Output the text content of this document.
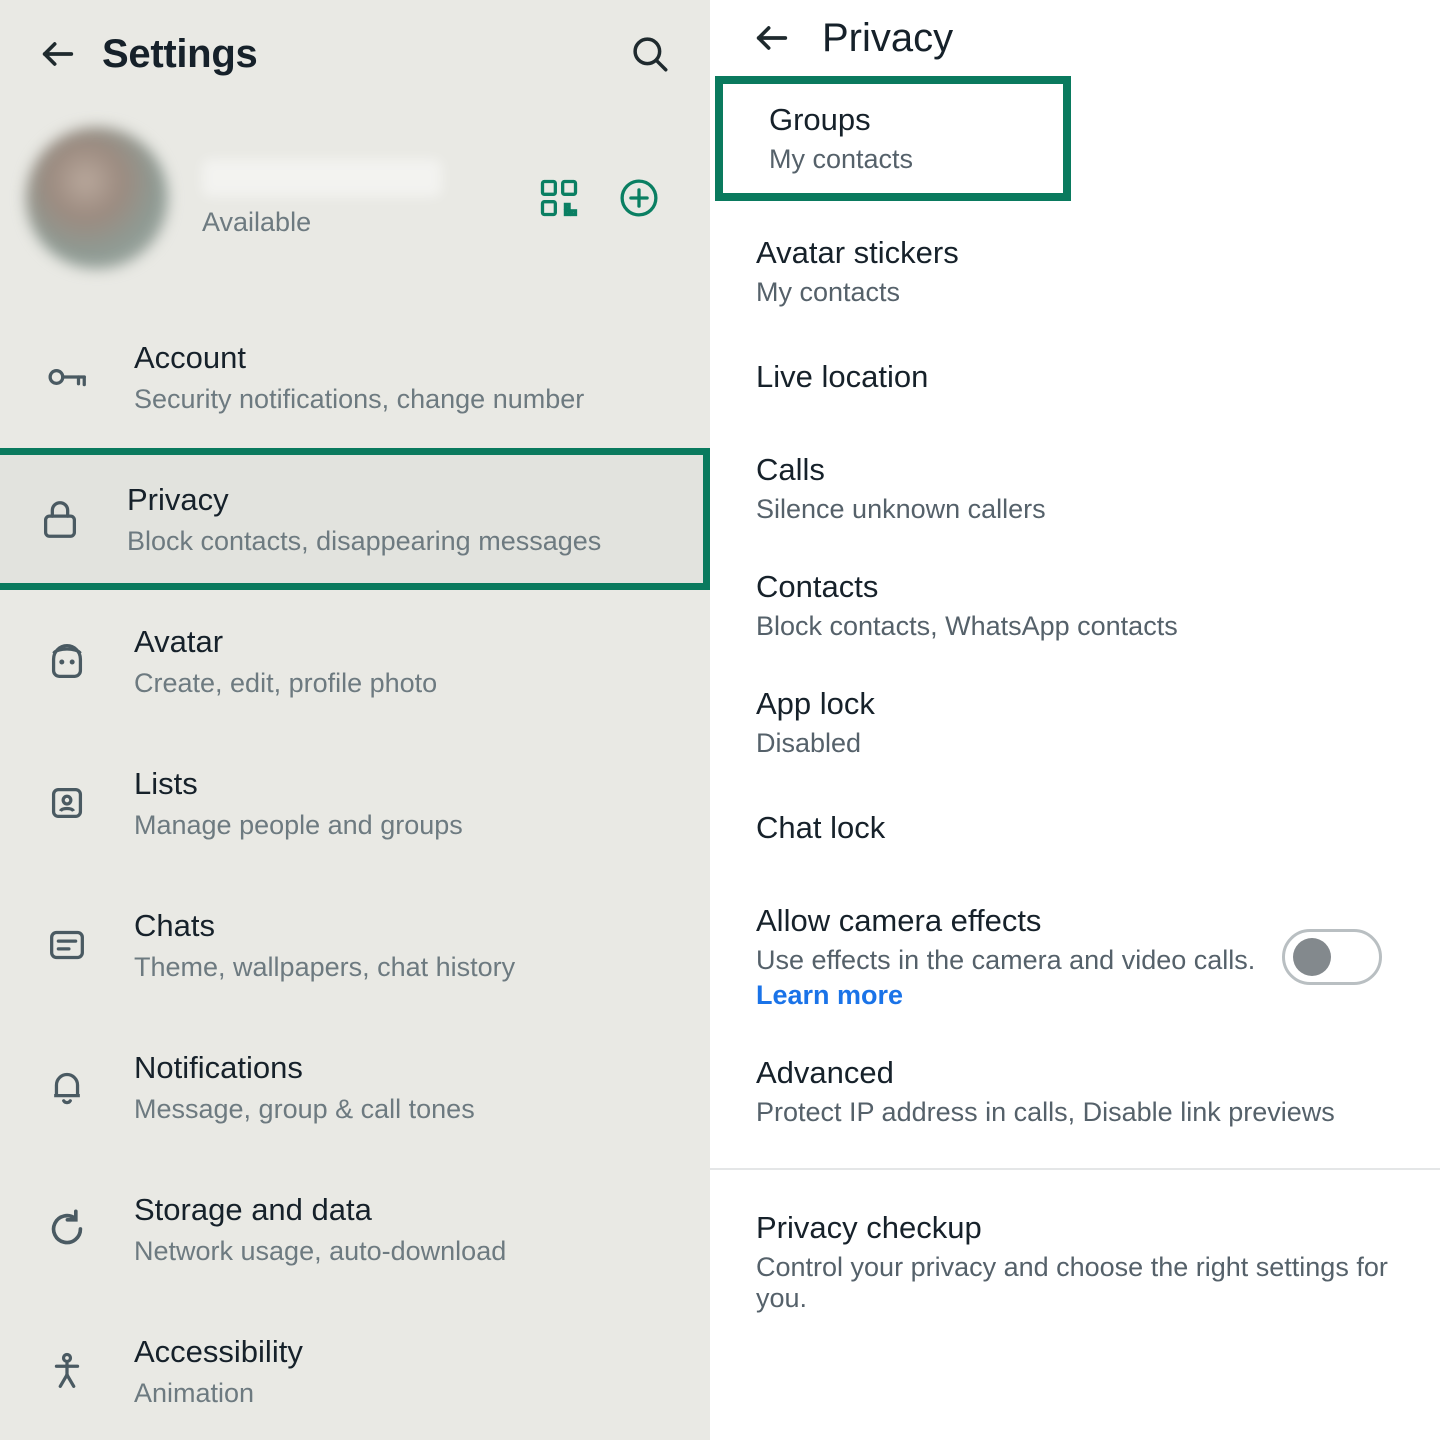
Settings
Available
Account
Security notifications, change number
Privacy
Block contacts, disappearing messages
Avatar
Create, edit, profile photo
Lists
Manage people and groups
Chats
Theme, wallpapers, chat history
Notifications
Message, group & call tones
Storage and data
Network usage, auto-download
Accessibility
Animation
Privacy
Groups
My contacts
Avatar stickers
My contacts
Live location
Calls
Silence unknown callers
Contacts
Block contacts, WhatsApp contacts
App lock
Disabled
Chat lock
Allow camera effects
Use effects in the camera and video calls.
Learn more
Advanced
Protect IP address in calls, Disable link previews
Privacy checkup
Control your privacy and choose the right settings for you.
